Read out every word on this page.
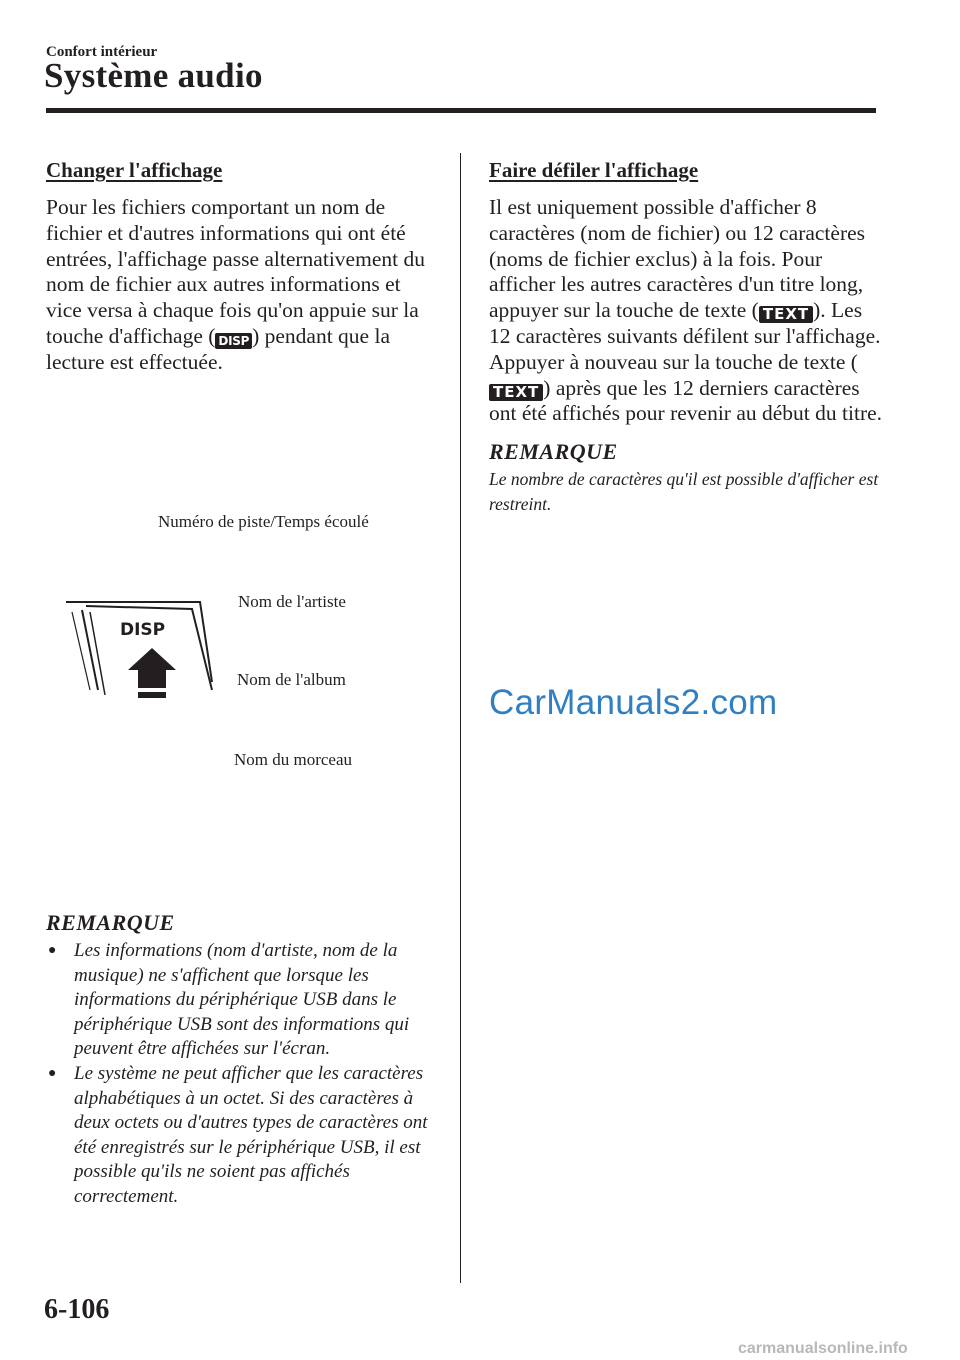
Confort intérieur
Système audio
Changer l'affichage
Pour les fichiers comportant un nom de fichier et d'autres informations qui ont été entrées, l'affichage passe alternativement du nom de fichier aux autres informations et vice versa à chaque fois qu'on appuie sur la touche d'affichage ( DISP ) pendant que la lecture est effectuée.
DISP
Numéro de piste/Temps écoulé
Nom de l'artiste
Nom de l'album
Nom du morceau
REMARQUE
● Les informations (nom d'artiste, nom de la musique) ne s'affichent que lorsque les informations du périphérique USB dans le périphérique USB sont des informations qui peuvent être affichées sur l'écran.
● Le système ne peut afficher que les caractères alphabétiques à un octet. Si des caractères à deux octets ou d'autres types de caractères ont été enregistrés sur le périphérique USB, il est possible qu'ils ne soient pas affichés correctement.
Faire défiler l'affichage
Il est uniquement possible d'afficher 8 caractères (nom de fichier) ou 12 caractères (noms de fichier exclus) à la fois. Pour afficher les autres caractères d'un titre long, appuyer sur la touche de texte ( TEXT ). Les 12 caractères suivants défilent sur l'affichage. Appuyer à nouveau sur la touche de texte (TEXT ) après que les 12 derniers caractères ont été affichés pour revenir au début du titre.
REMARQUE
Le nombre de caractères qu'il est possible d'afficher est restreint.
6-106
CarManuals2.com
carmanualsonline.info
